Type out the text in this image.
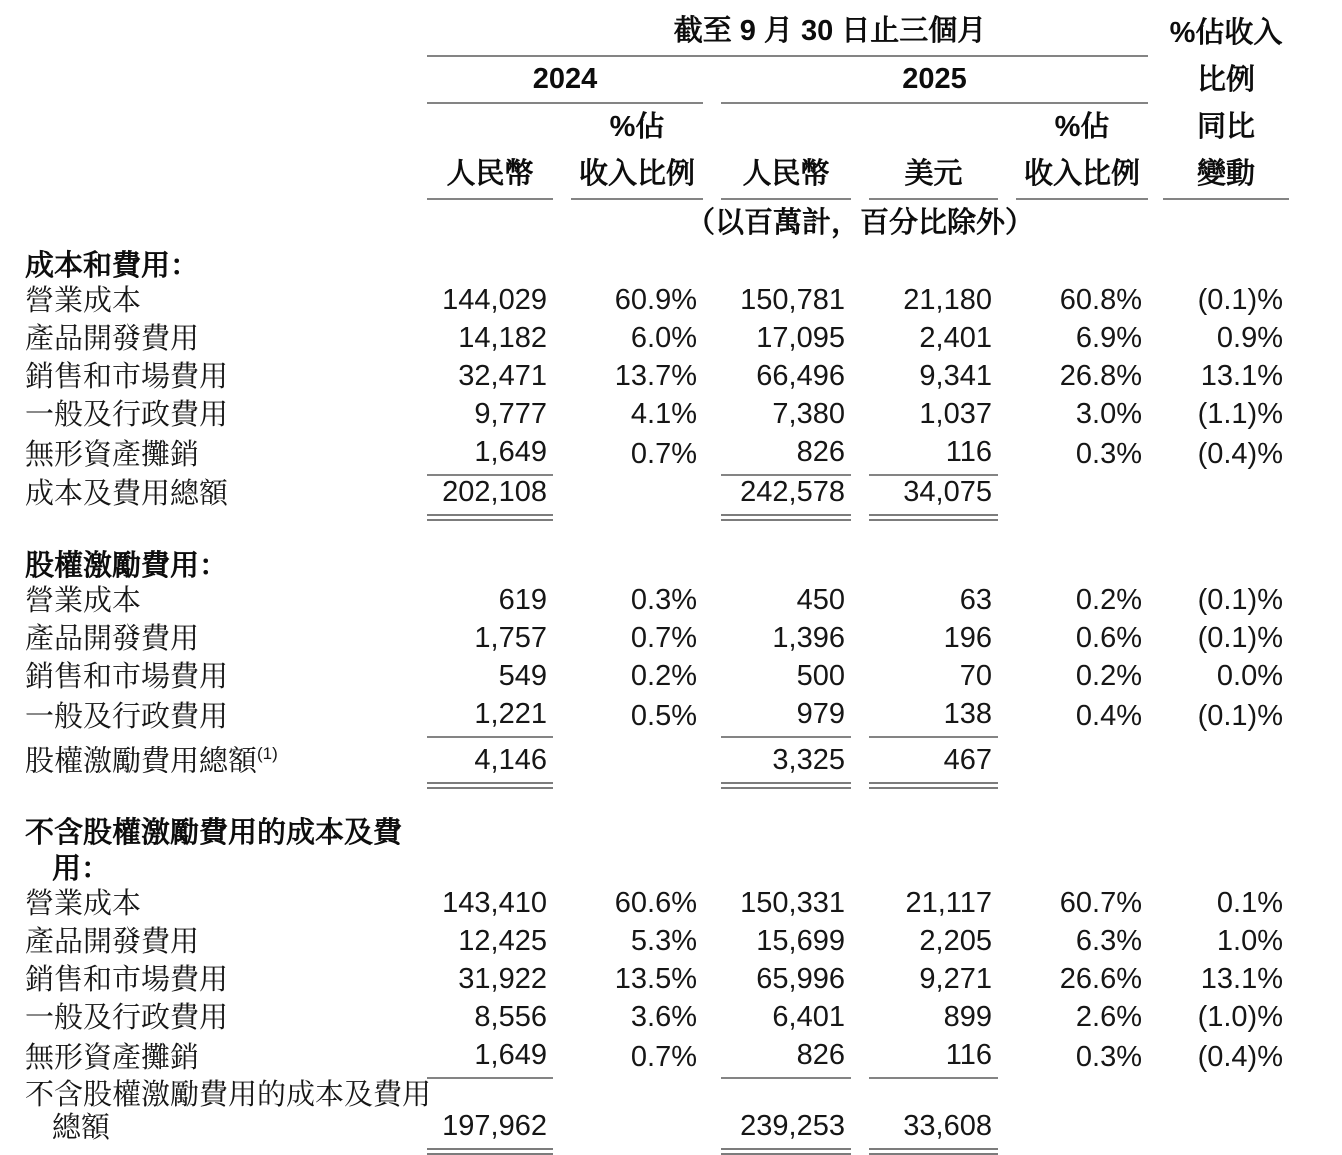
	截至 9 月 30 日止三個月					%佔收入

	2024		2025			比例

		%佔			%佔	同比

	人民幣	收入比例	人民幣	美元	收入比例	變動

	（以百萬計，百分比除外）					

成本和費用：						

營業成本	144,029	60.9%	150,781	21,180	60.8%	(0.1)%

產品開發費用	14,182	6.0%	17,095	2,401	6.9%	0.9%

銷售和市場費用	32,471	13.7%	66,496	9,341	26.8%	13.1%

一般及行政費用	9,777	4.1%	7,380	1,037	3.0%	(1.1)%

無形資產攤銷	1,649	0.7%	826	116	0.3%	(0.4)%

成本及費用總額	202,108		242,578	34,075		

股權激勵費用：						

營業成本	619	0.3%	450	63	0.2%	(0.1)%

產品開發費用	1,757	0.7%	1,396	196	0.6%	(0.1)%

銷售和市場費用	549	0.2%	500	70	0.2%	0.0%

一般及行政費用	1,221	0.5%	979	138	0.4%	(0.1)%

股權激勵費用總額$^{(1)}$	4,146		3,325	467		

不含股權激勵費用的成本及費
用：						

營業成本	143,410	60.6%	150,331	21,117	60.7%	0.1%

產品開發費用	12,425	5.3%	15,699	2,205	6.3%	1.0%

銷售和市場費用	31,922	13.5%	65,996	9,271	26.6%	13.1%

一般及行政費用	8,556	3.6%	6,401	899	2.6%	(1.0)%

無形資產攤銷	1,649	0.7%	826	116	0.3%	(0.4)%

不含股權激勵費用的成本及費用
總額	197,962		239,253	33,608		
